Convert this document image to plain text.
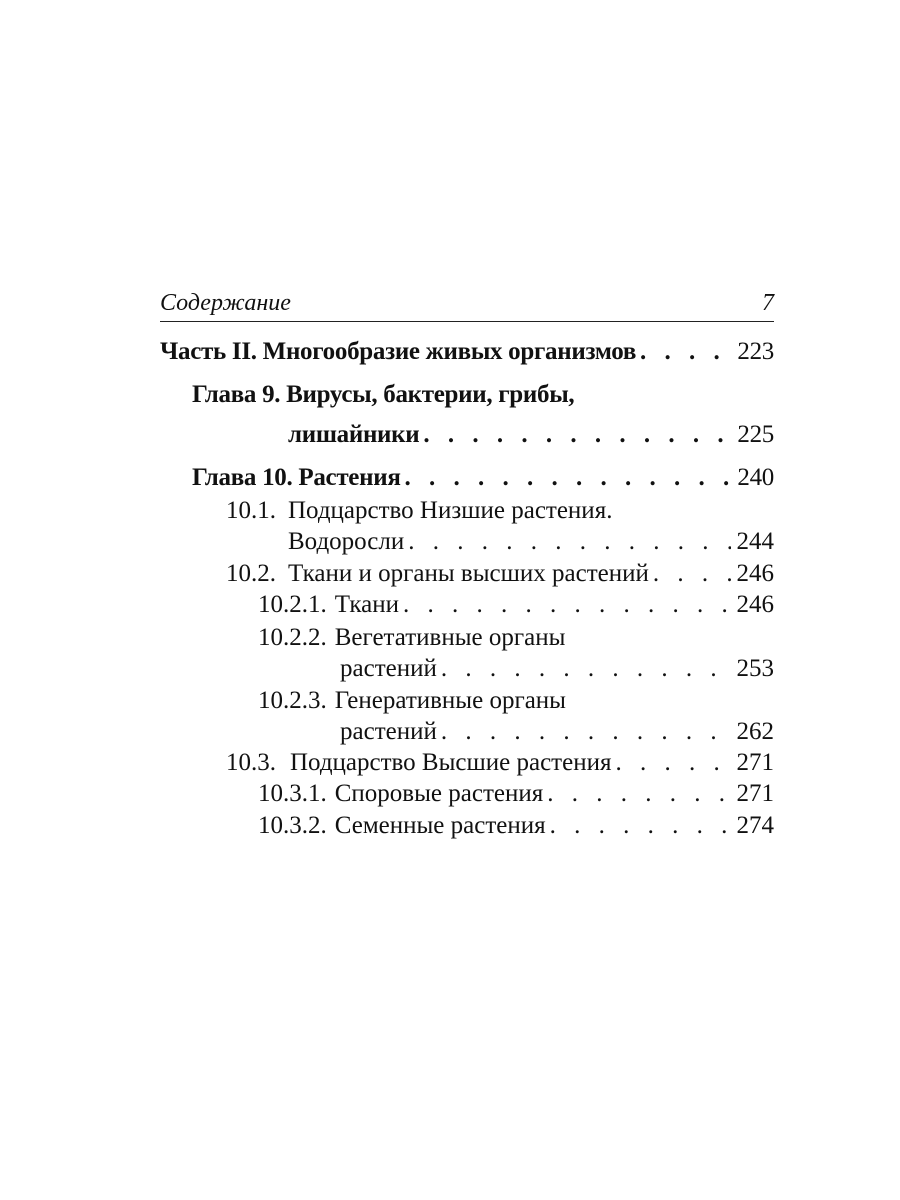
Содержание	7
Часть II. Многообразие живых организмов . . .	223
Глава 9. Вирусы, бактерии, грибы,
лишайники . . .	225
Глава 10. Растения . . .	240
10.1. Подцарство Низшие растения.
Водоросли . . .	244
10.2. Ткани и органы высших растений . . .	246
10.2.1. Ткани . . .	246
10.2.2. Вегетативные органы
растений . . .	253
10.2.3. Генеративные органы
растений . . .	262
10.3. Подцарство Высшие растения . . .	271
10.3.1. Споровые растения . . .	271
10.3.2. Семенные растения . . .	274
